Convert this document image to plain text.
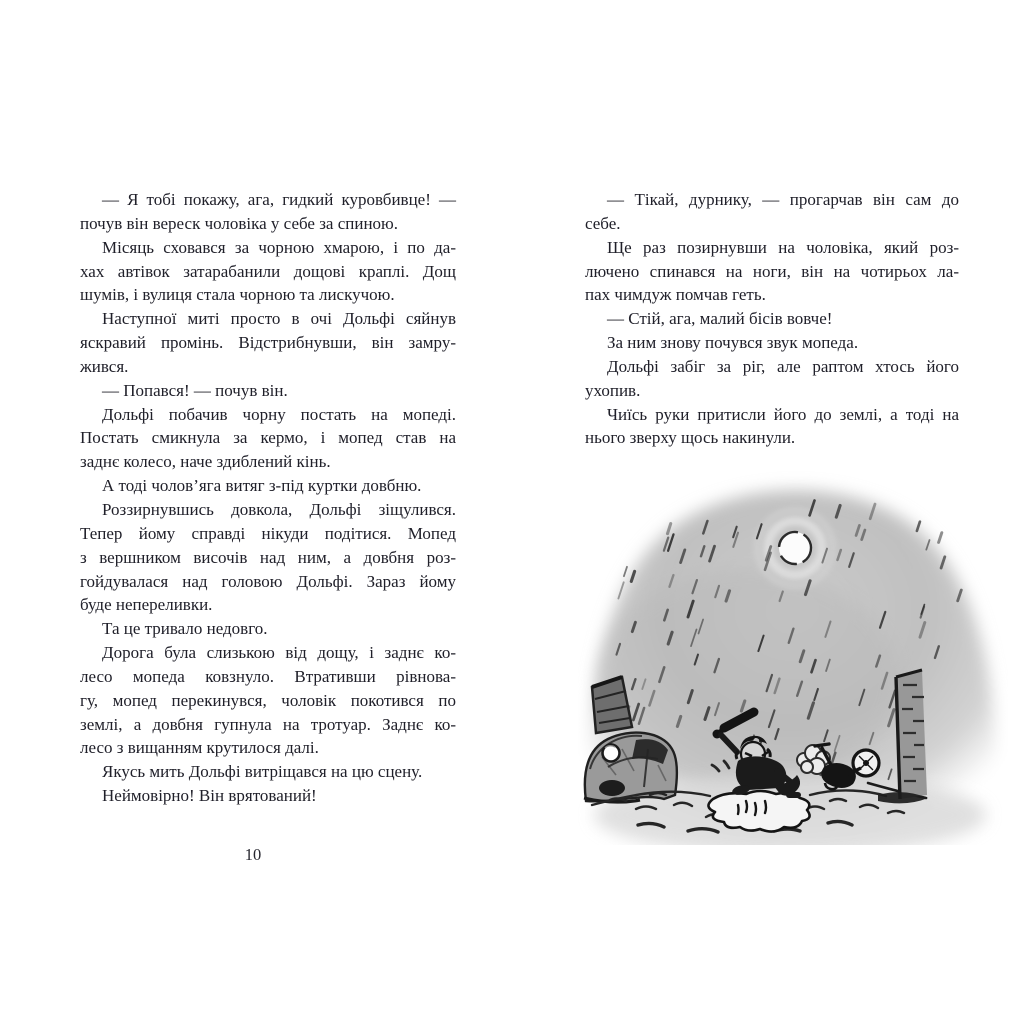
— Я тобі покажу, ага, гидкий куровбивце! —
почув він вереск чоловіка у себе за спиною.
Місяць сховався за чорною хмарою, і по да-
хах автівок затарабанили дощові краплі. Дощ
шумів, і вулиця стала чорною та лискучою.
Наступної миті просто в очі Дольфі сяйнув
яскравий промінь. Відстрибнувши, він замру-
жився.
— Попався! — почув він.
Дольфі побачив чорну постать на мопеді.
Постать смикнула за кермо, і мопед став на
заднє колесо, наче здиблений кінь.
А тоді чолов’яга витяг з-під куртки довбню.
Роззирнувшись довкола, Дольфі зіщулився.
Тепер йому справді нікуди подітися. Мопед
з вершником височів над ним, а довбня роз-
гойдувалася над головою Дольфі. Зараз йому
буде непереливки.
Та це тривало недовго.
Дорога була слизькою від дощу, і заднє ко-
лесо мопеда ковзнуло. Втративши рівнова-
гу, мопед перекинувся, чоловік покотився по
землі, а довбня гупнула на тротуар. Заднє ко-
лесо з вищанням крутилося далі.
Якусь мить Дольфі витріщався на цю сцену.
Неймовірно! Він врятований!
10
— Тікай, дурнику, — прогарчав він сам до
себе.
Ще раз позирнувши на чоловіка, який роз-
лючено спинався на ноги, він на чотирьох ла-
пах чимдуж помчав геть.
— Стій, ага, малий бісів вовче!
За ним знову почувся звук мопеда.
Дольфі забіг за ріг, але раптом хтось його
ухопив.
Чиїсь руки притисли його до землі, а тоді на
нього зверху щось накинули.
